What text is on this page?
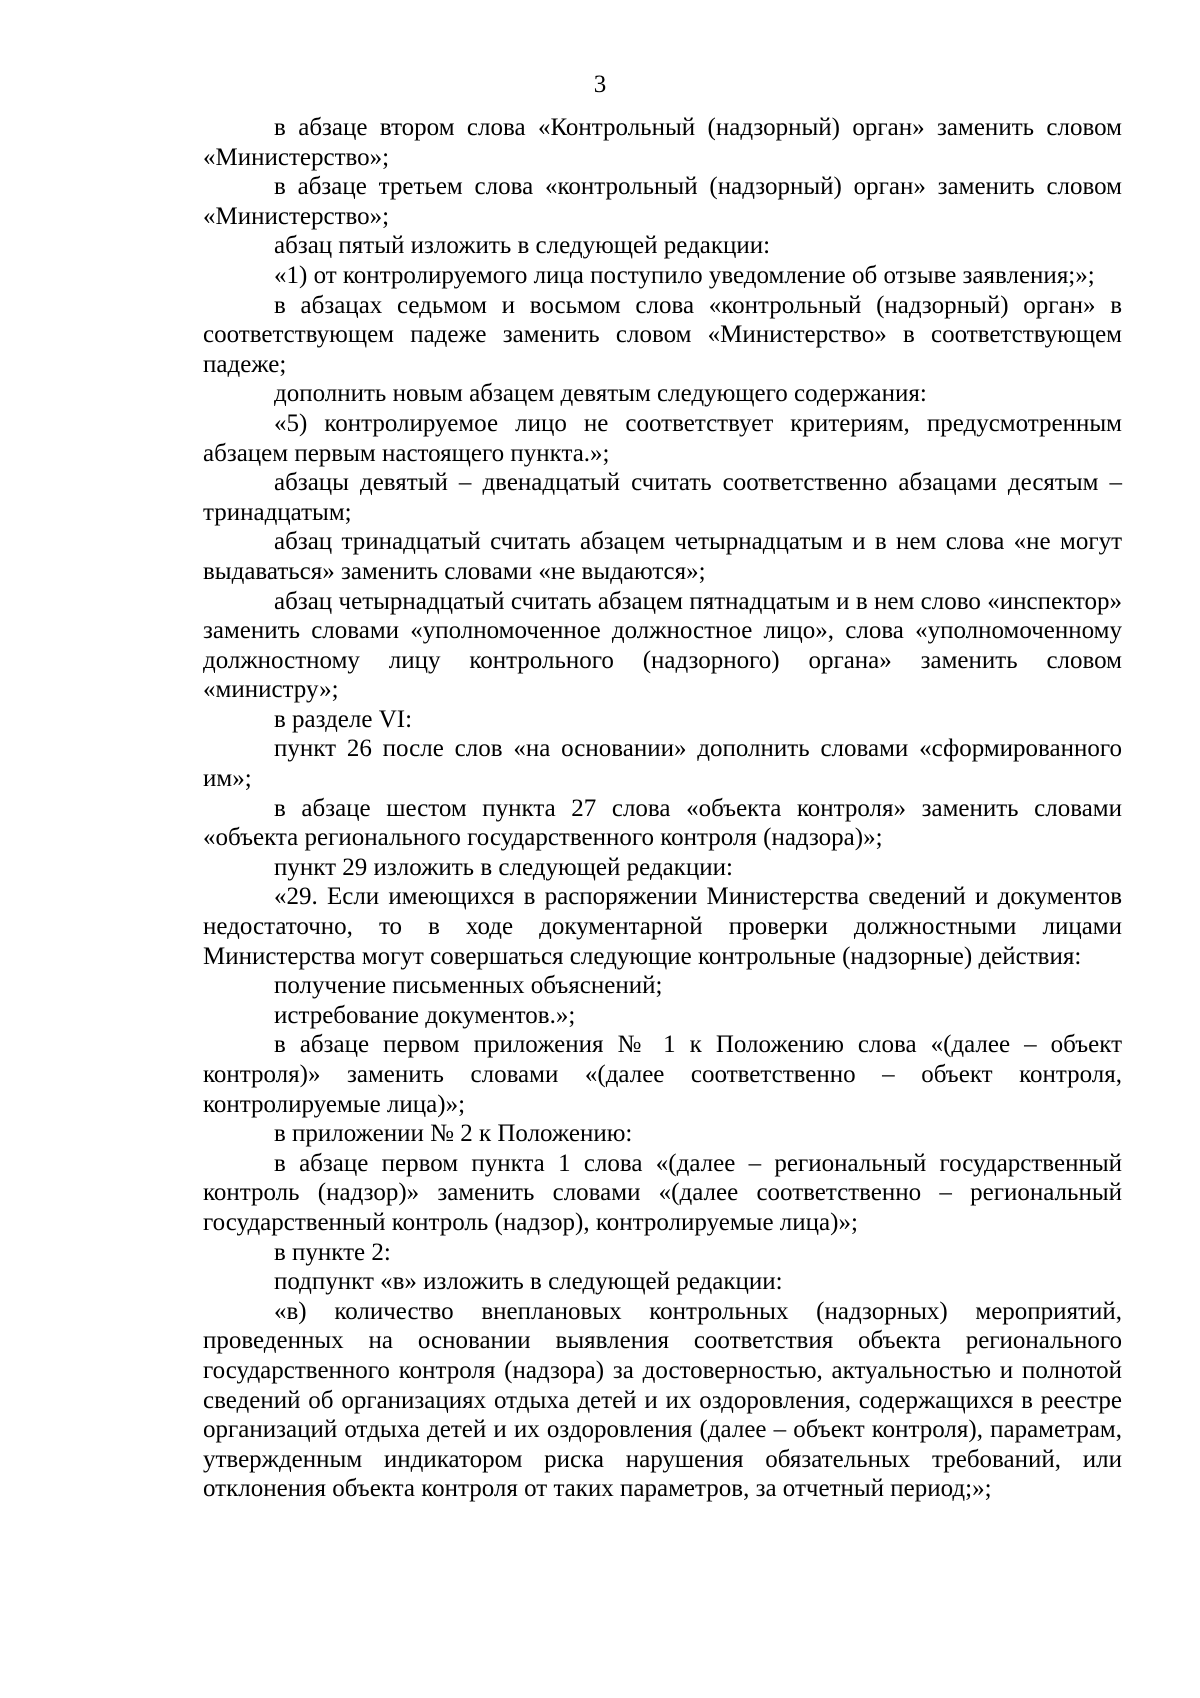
3

в абзаце втором слова «Контрольный (надзорный) орган» заменить словом «Министерство»;

в абзаце третьем слова «контрольный (надзорный) орган» заменить словом «Министерство»;

абзац пятый изложить в следующей редакции:

«1) от контролируемого лица поступило уведомление об отзыве заявления;»;

в абзацах седьмом и восьмом слова «контрольный (надзорный) орган» в соответствующем падеже заменить словом «Министерство» в соответствующем падеже;

дополнить новым абзацем девятым следующего содержания:

«5) контролируемое лицо не соответствует критериям, предусмотренным абзацем первым настоящего пункта.»;

абзацы девятый – двенадцатый считать соответственно абзацами десятым – тринадцатым;

абзац тринадцатый считать абзацем четырнадцатым и в нем слова «не могут выдаваться» заменить словами «не выдаются»;

абзац четырнадцатый считать абзацем пятнадцатым и в нем слово «инспектор» заменить словами «уполномоченное должностное лицо», слова «уполномоченному должностному лицу контрольного (надзорного) органа» заменить словом «министру»;

в разделе VI:

пункт 26 после слов «на основании» дополнить словами «сформированного им»;

в абзаце шестом пункта 27 слова «объекта контроля» заменить словами «объекта регионального государственного контроля (надзора)»;

пункт 29 изложить в следующей редакции:

«29. Если имеющихся в распоряжении Министерства сведений и документов недостаточно, то в ходе документарной проверки должностными лицами Министерства могут совершаться следующие контрольные (надзорные) действия:

получение письменных объяснений;

истребование документов.»;

в абзаце первом приложения № 1 к Положению слова «(далее – объект контроля)» заменить словами «(далее соответственно – объект контроля, контролируемые лица)»;

в приложении № 2 к Положению:

в абзаце первом пункта 1 слова «(далее – региональный государственный контроль (надзор)» заменить словами «(далее соответственно – региональный государственный контроль (надзор), контролируемые лица)»;

в пункте 2:

подпункт «в» изложить в следующей редакции:

«в) количество внеплановых контрольных (надзорных) мероприятий, проведенных на основании выявления соответствия объекта регионального государственного контроля (надзора) за достоверностью, актуальностью и полнотой сведений об организациях отдыха детей и их оздоровления, содержащихся в реестре организаций отдыха детей и их оздоровления (далее – объект контроля), параметрам, утвержденным индикатором риска нарушения обязательных требований, или отклонения объекта контроля от таких параметров, за отчетный период;»;
